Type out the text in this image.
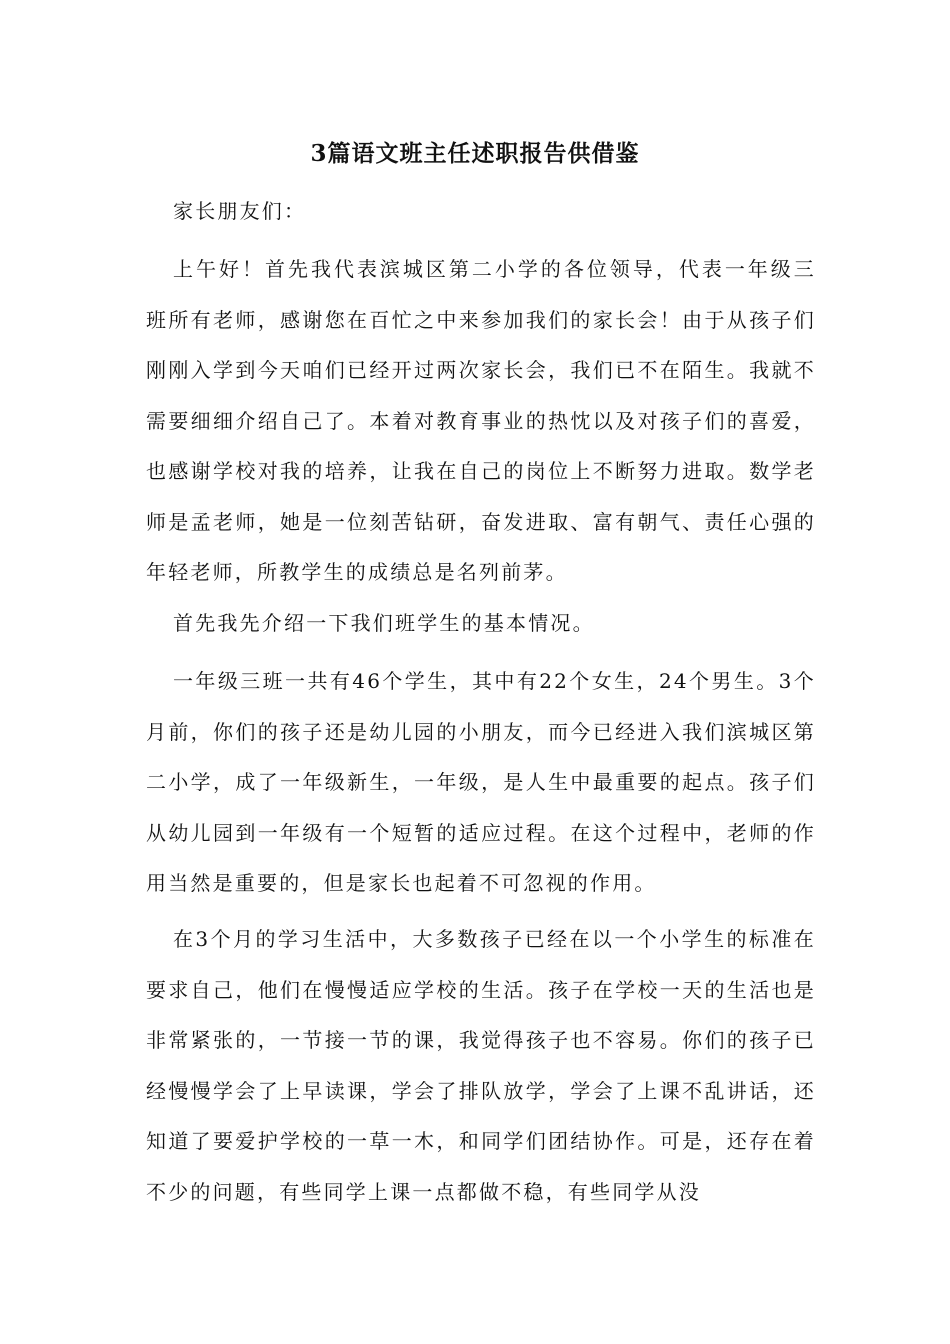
3篇语文班主任述职报告供借鉴
家长朋友们：
上午好！首先我代表滨城区第二小学的各位领导，代表一年级三班所有老师，感谢您在百忙之中来参加我们的家长会！由于从孩子们刚刚入学到今天咱们已经开过两次家长会，我们已不在陌生。我就不需要细细介绍自己了。本着对教育事业的热忱以及对孩子们的喜爱，也感谢学校对我的培养，让我在自己的岗位上不断努力进取。数学老师是孟老师，她是一位刻苦钻研，奋发进取、富有朝气、责任心强的年轻老师，所教学生的成绩总是名列前茅。
首先我先介绍一下我们班学生的基本情况。
一年级三班一共有46个学生，其中有22个女生，24个男生。3个月前，你们的孩子还是幼儿园的小朋友，而今已经进入我们滨城区第二小学，成了一年级新生，一年级，是人生中最重要的起点。孩子们从幼儿园到一年级有一个短暂的适应过程。在这个过程中，老师的作用当然是重要的，但是家长也起着不可忽视的作用。
在3个月的学习生活中，大多数孩子已经在以一个小学生的标准在要求自己，他们在慢慢适应学校的生活。孩子在学校一天的生活也是非常紧张的，一节接一节的课，我觉得孩子也不容易。你们的孩子已经慢慢学会了上早读课，学会了排队放学，学会了上课不乱讲话，还知道了要爱护学校的一草一木，和同学们团结协作。可是，还存在着不少的问题，有些同学上课一点都做不稳，有些同学从没
